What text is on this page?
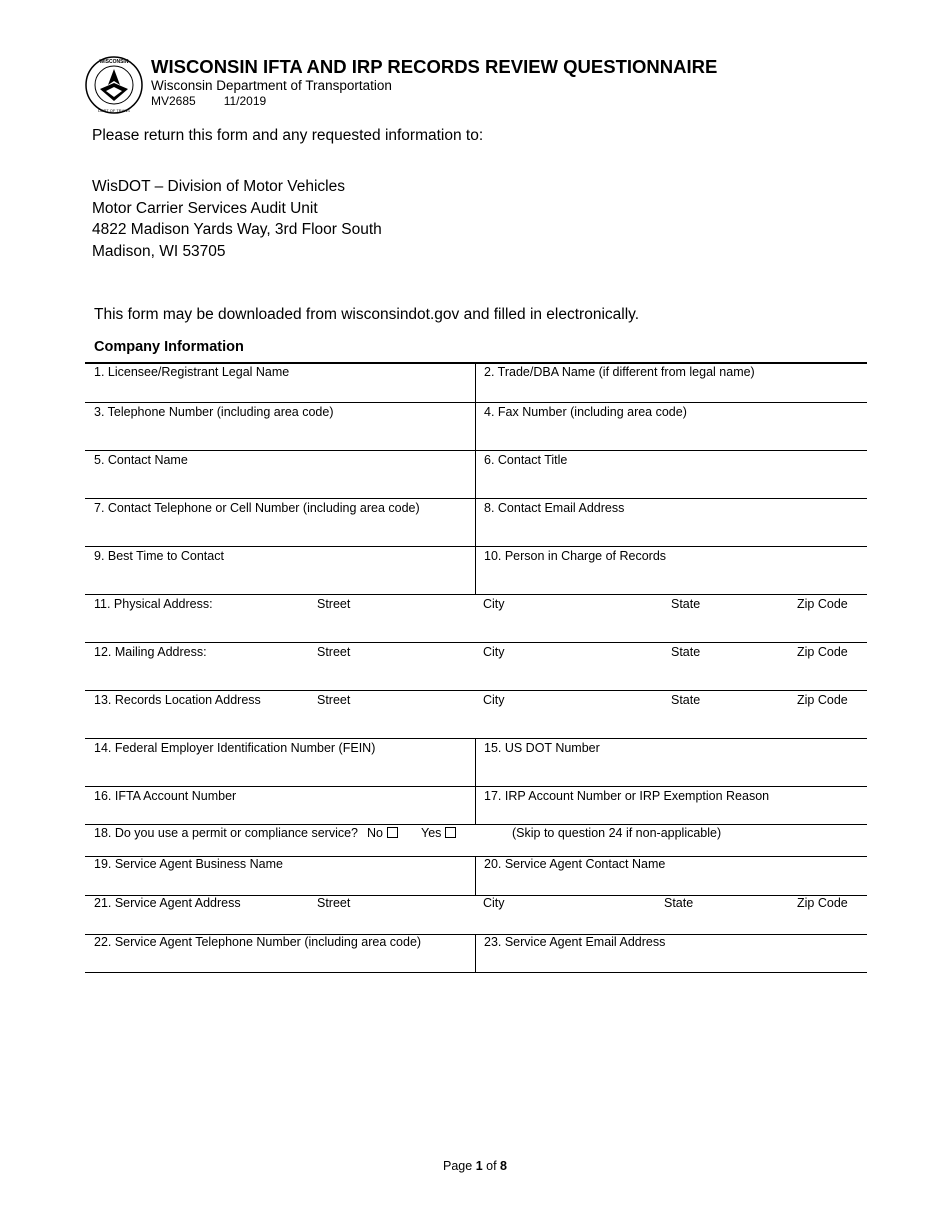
WISCONSIN
DEPT OF TRANS
WISCONSIN IFTA AND IRP RECORDS REVIEW QUESTIONNAIRE
Wisconsin Department of Transportation
MV2685 11/2019
Please return this form and any requested information to:
WisDOT – Division of Motor Vehicles
Motor Carrier Services Audit Unit
4822 Madison Yards Way, 3rd Floor South
Madison, WI 53705
This form may be downloaded from wisconsindot.gov and filled in electronically.
Company Information
1. Licensee/Registrant Legal Name	2. Trade/DBA Name (if different from legal name)
3. Telephone Number (including area code)	4. Fax Number (including area code)
5. Contact Name	6. Contact Title
7. Contact Telephone or Cell Number (including area code)	8. Contact Email Address
9. Best Time to Contact	10. Person in Charge of Records
11. Physical Address:	Street	City	State	Zip Code
12. Mailing Address:	Street	City	State	Zip Code
13. Records Location Address	Street	City	State	Zip Code
14. Federal Employer Identification Number (FEIN)	15. US DOT Number
16. IFTA Account Number	17. IRP Account Number or IRP Exemption Reason
18. Do you use a permit or compliance service? No	Yes	(Skip to question 24 if non-applicable)
19. Service Agent Business Name	20. Service Agent Contact Name
21. Service Agent Address	Street	City	State	Zip Code
22. Service Agent Telephone Number (including area code)	23. Service Agent Email Address
Page 1 of 8
